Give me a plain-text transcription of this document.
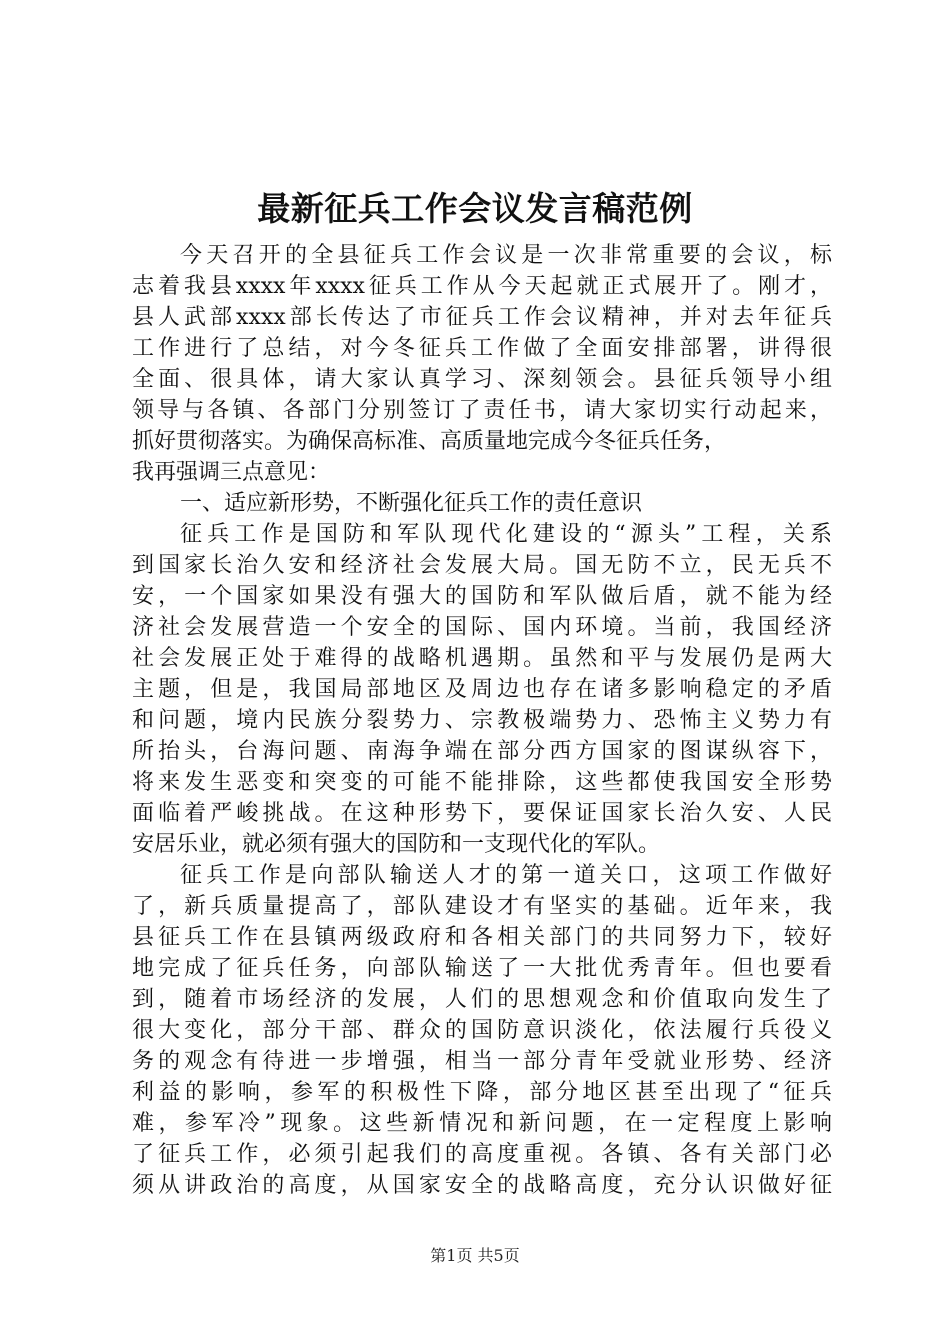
最新征兵工作会议发言稿范例
今天召开的全县征兵工作会议是一次非常重要的会议，标
志着我县xxxx年xxxx征兵工作从今天起就正式展开了。刚才，
县人武部xxxx部长传达了市征兵工作会议精神，并对去年征兵
工作进行了总结，对今冬征兵工作做了全面安排部署，讲得很
全面、很具体，请大家认真学习、深刻领会。县征兵领导小组
领导与各镇、各部门分别签订了责任书，请大家切实行动起来，
抓好贯彻落实。为确保高标准、高质量地完成今冬征兵任务，
我再强调三点意见：
一、适应新形势，不断强化征兵工作的责任意识
征兵工作是国防和军队现代化建设的“源头”工程，关系
到国家长治久安和经济社会发展大局。国无防不立，民无兵不
安，一个国家如果没有强大的国防和军队做后盾，就不能为经
济社会发展营造一个安全的国际、国内环境。当前，我国经济
社会发展正处于难得的战略机遇期。虽然和平与发展仍是两大
主题，但是，我国局部地区及周边也存在诸多影响稳定的矛盾
和问题，境内民族分裂势力、宗教极端势力、恐怖主义势力有
所抬头，台海问题、南海争端在部分西方国家的图谋纵容下，
将来发生恶变和突变的可能不能排除，这些都使我国安全形势
面临着严峻挑战。在这种形势下，要保证国家长治久安、人民
安居乐业，就必须有强大的国防和一支现代化的军队。
征兵工作是向部队输送人才的第一道关口，这项工作做好
了，新兵质量提高了，部队建设才有坚实的基础。近年来，我
县征兵工作在县镇两级政府和各相关部门的共同努力下，较好
地完成了征兵任务，向部队输送了一大批优秀青年。但也要看
到，随着市场经济的发展，人们的思想观念和价值取向发生了
很大变化，部分干部、群众的国防意识淡化，依法履行兵役义
务的观念有待进一步增强，相当一部分青年受就业形势、经济
利益的影响，参军的积极性下降，部分地区甚至出现了“征兵
难，参军冷”现象。这些新情况和新问题，在一定程度上影响
了征兵工作，必须引起我们的高度重视。各镇、各有关部门必
须从讲政治的高度，从国家安全的战略高度，充分认识做好征
第1页 共5页
